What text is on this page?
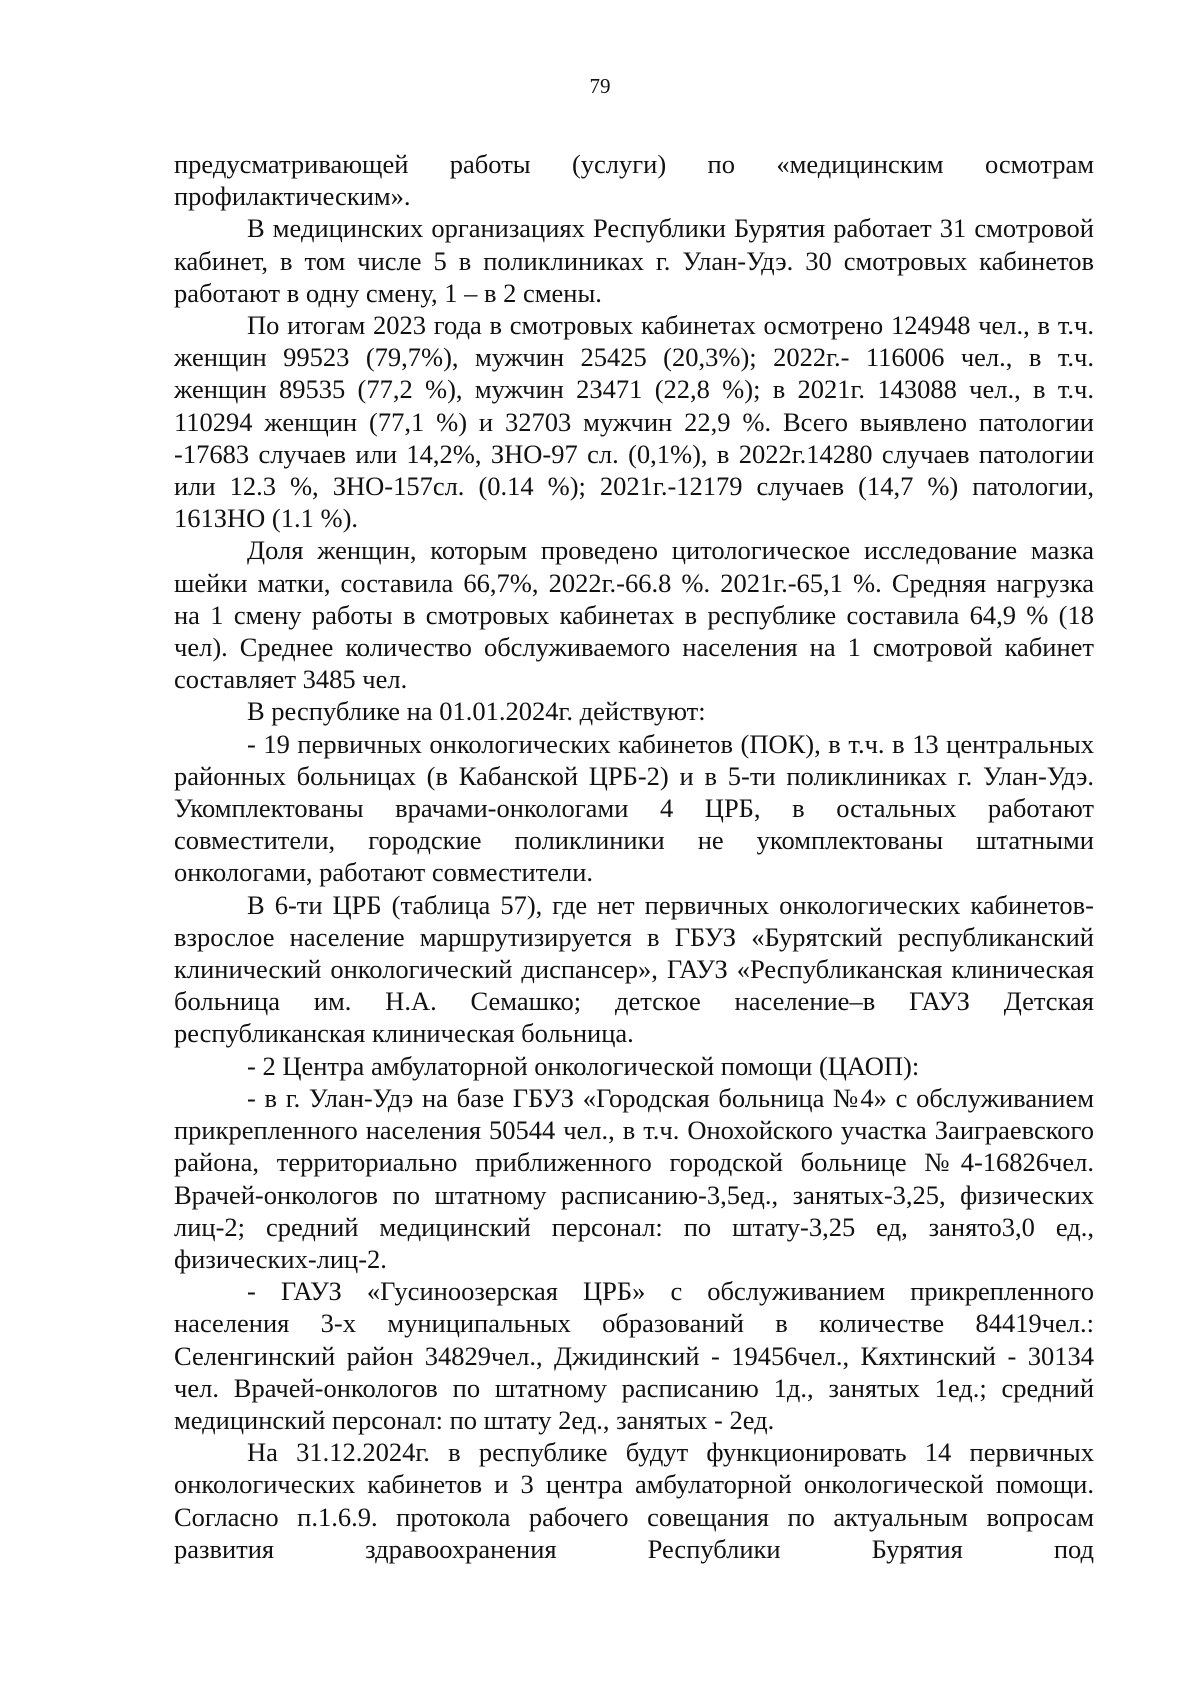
79

предусматривающей работы (услуги) по «медицинским осмотрам профилактическим».

В медицинских организациях Республики Бурятия работает 31 смотровой кабинет, в том числе 5 в поликлиниках г. Улан-Удэ. 30 смотровых кабинетов работают в одну смену, 1 – в 2 смены.

По итогам 2023 года в смотровых кабинетах осмотрено 124948 чел., в т.ч. женщин 99523 (79,7%), мужчин 25425 (20,3%); 2022г.- 116006 чел., в т.ч. женщин 89535 (77,2 %), мужчин 23471 (22,8 %); в 2021г. 143088 чел., в т.ч. 110294 женщин (77,1 %) и 32703 мужчин 22,9 %. Всего выявлено патологии -17683 случаев или 14,2%, ЗНО-97 сл. (0,1%), в 2022г.14280 случаев патологии или 12.3 %, ЗНО-157сл. (0.14 %); 2021г.-12179 случаев (14,7 %) патологии, 161ЗНО (1.1 %).

Доля женщин, которым проведено цитологическое исследование мазка шейки матки, составила 66,7%, 2022г.-66.8 %. 2021г.-65,1 %. Средняя нагрузка на 1 смену работы в смотровых кабинетах в республике составила 64,9 % (18 чел). Среднее количество обслуживаемого населения на 1 смотровой кабинет составляет 3485 чел.

В республике на 01.01.2024г. действуют:

- 19 первичных онкологических кабинетов (ПОК), в т.ч. в 13 центральных районных больницах (в Кабанской ЦРБ-2) и в 5-ти поликлиниках г. Улан-Удэ. Укомплектованы врачами-онкологами 4 ЦРБ, в остальных работают совместители, городские поликлиники не укомплектованы штатными онкологами, работают совместители.

В 6-ти ЦРБ (таблица 57), где нет первичных онкологических кабинетов-взрослое население маршрутизируется в ГБУЗ «Бурятский республиканский клинический онкологический диспансер», ГАУЗ «Республиканская клиническая больница им. Н.А. Семашко; детское население–в ГАУЗ Детская республиканская клиническая больница.

- 2 Центра амбулаторной онкологической помощи (ЦАОП):

- в г. Улан-Удэ на базе ГБУЗ «Городская больница №4» с обслуживанием прикрепленного населения 50544 чел., в т.ч. Онохойского участка Заиграевского района, территориально приближенного городской больнице №4-16826чел. Врачей-онкологов по штатному расписанию-3,5ед., занятых-3,25, физических лиц-2; средний медицинский персонал: по штату-3,25 ед, занято3,0 ед., физических-лиц-2.

- ГАУЗ «Гусиноозерская ЦРБ» с обслуживанием прикрепленного населения 3-х муниципальных образований в количестве 84419чел.: Селенгинский район 34829чел., Джидинский - 19456чел., Кяхтинский - 30134 чел. Врачей-онкологов по штатному расписанию 1д., занятых 1ед.; средний медицинский персонал: по штату 2ед., занятых - 2ед.

На 31.12.2024г. в республике будут функционировать 14 первичных онкологических кабинетов и 3 центра амбулаторной онкологической помощи. Согласно п.1.6.9. протокола рабочего совещания по актуальным вопросам развития здравоохранения Республики Бурятия под
